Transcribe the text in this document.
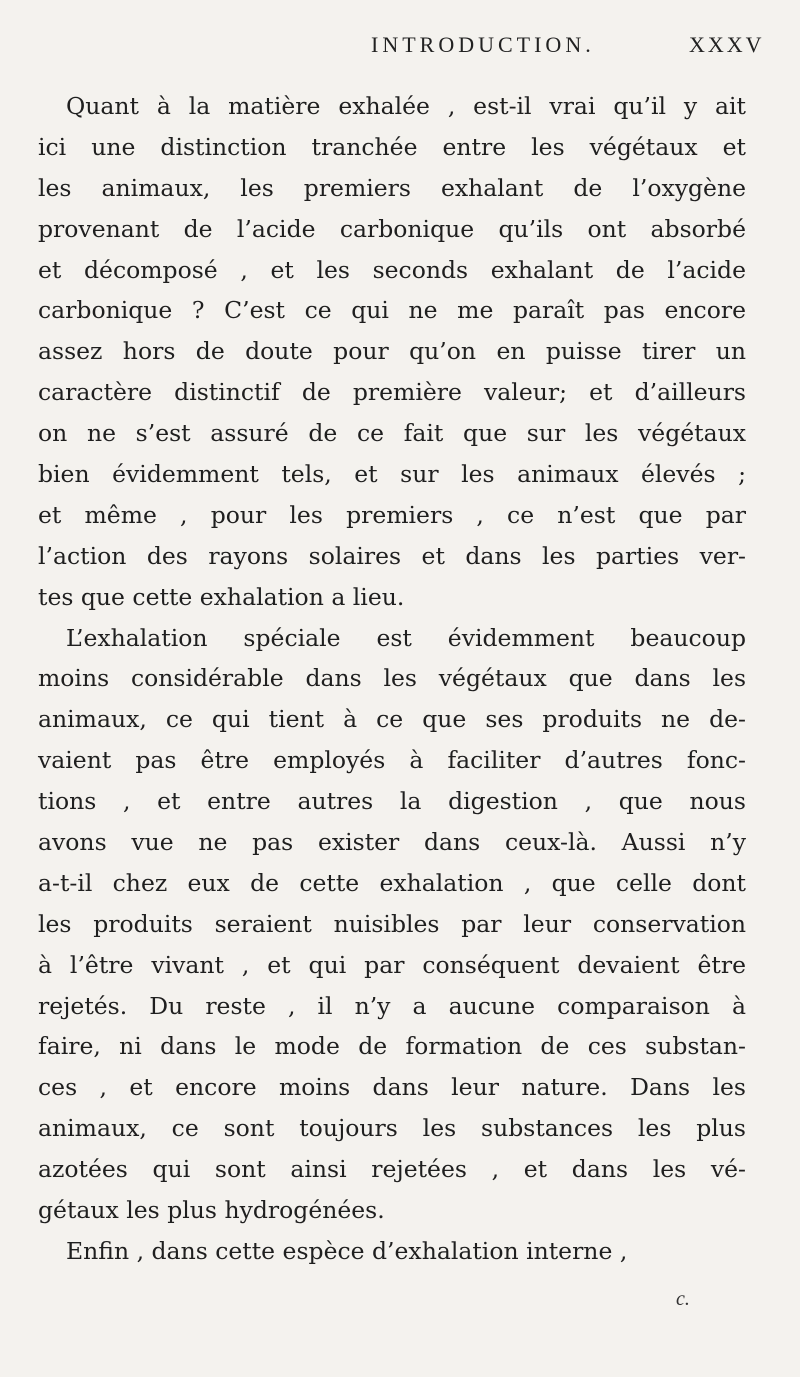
INTRODUCTION.	XXXV
Quant à la matière exhalée , est-il vrai qu’il y ait
ici une distinction tranchée entre les végétaux et
les animaux, les premiers exhalant de l’oxygène
provenant de l’acide carbonique qu’ils ont absorbé
et décomposé , et les seconds exhalant de l’acide
carbonique ? C’est ce qui ne me paraît pas encore
assez hors de doute pour qu’on en puisse tirer un
caractère distinctif de première valeur; et d’ailleurs
on ne s’est assuré de ce fait que sur les végétaux
bien évidemment tels, et sur les animaux élevés ;
et même , pour les premiers , ce n’est que par
l’action des rayons solaires et dans les parties ver-
tes que cette exhalation a lieu.
L’exhalation spéciale est évidemment beaucoup
moins considérable dans les végétaux que dans les
animaux, ce qui tient à ce que ses produits ne de-
vaient pas être employés à faciliter d’autres fonc-
tions , et entre autres la digestion , que nous
avons vue ne pas exister dans ceux-là. Aussi n’y
a-t-il chez eux de cette exhalation , que celle dont
les produits seraient nuisibles par leur conservation
à l’être vivant , et qui par conséquent devaient être
rejetés. Du reste , il n’y a aucune comparaison à
faire, ni dans le mode de formation de ces substan-
ces , et encore moins dans leur nature. Dans les
animaux, ce sont toujours les substances les plus
azotées qui sont ainsi rejetées , et dans les vé-
gétaux les plus hydrogénées.
Enfin , dans cette espèce d’exhalation interne ,
c.
